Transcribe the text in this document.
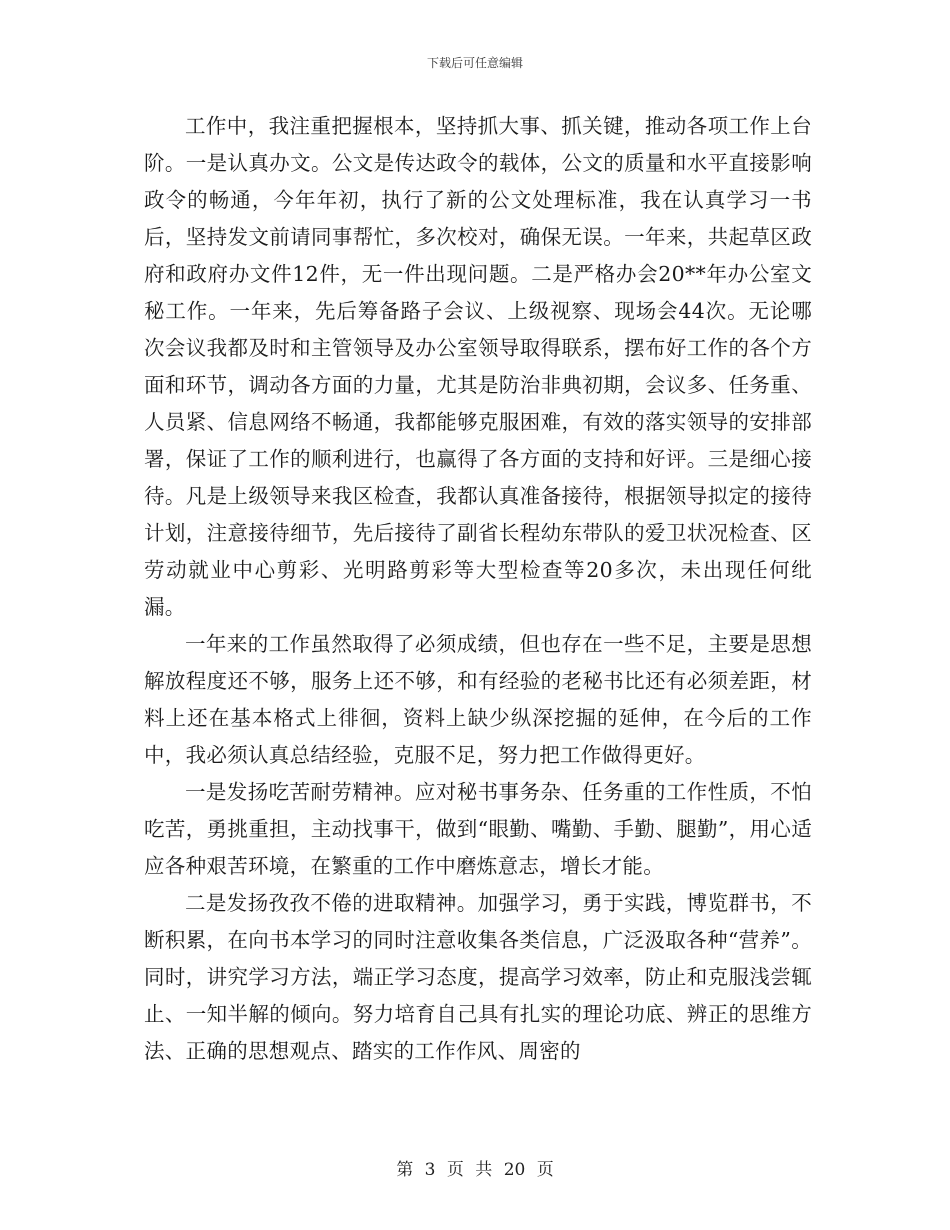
下载后可任意编辑

工作中，我注重把握根本，坚持抓大事、抓关键，推动各项工作上台阶。一是认真办文。公文是传达政令的载体，公文的质量和水平直接影响政令的畅通，今年年初，执行了新的公文处理标准，我在认真学习一书后，坚持发文前请同事帮忙，多次校对，确保无误。一年来，共起草区政府和政府办文件12件，无一件出现问题。二是严格办会20**年办公室文秘工作。一年来，先后筹备路子会议、上级视察、现场会44次。无论哪次会议我都及时和主管领导及办公室领导取得联系，摆布好工作的各个方面和环节，调动各方面的力量，尤其是防治非典初期，会议多、任务重、人员紧、信息网络不畅通，我都能够克服困难，有效的落实领导的安排部署，保证了工作的顺利进行，也赢得了各方面的支持和好评。三是细心接待。凡是上级领导来我区检查，我都认真准备接待，根据领导拟定的接待计划，注意接待细节，先后接待了副省长程幼东带队的爱卫状况检查、区劳动就业中心剪彩、光明路剪彩等大型检查等20多次，未出现任何纰漏。

一年来的工作虽然取得了必须成绩，但也存在一些不足，主要是思想解放程度还不够，服务上还不够，和有经验的老秘书比还有必须差距，材料上还在基本格式上徘徊，资料上缺少纵深挖掘的延伸，在今后的工作中，我必须认真总结经验，克服不足，努力把工作做得更好。

一是发扬吃苦耐劳精神。应对秘书事务杂、任务重的工作性质，不怕吃苦，勇挑重担，主动找事干，做到“眼勤、嘴勤、手勤、腿勤”，用心适应各种艰苦环境，在繁重的工作中磨炼意志，增长才能。

二是发扬孜孜不倦的进取精神。加强学习，勇于实践，博览群书，不断积累，在向书本学习的同时注意收集各类信息，广泛汲取各种“营养”。同时，讲究学习方法，端正学习态度，提高学习效率，防止和克服浅尝辄止、一知半解的倾向。努力培育自己具有扎实的理论功底、辨正的思维方法、正确的思想观点、踏实的工作作风、周密的

第 3 页 共 20 页
